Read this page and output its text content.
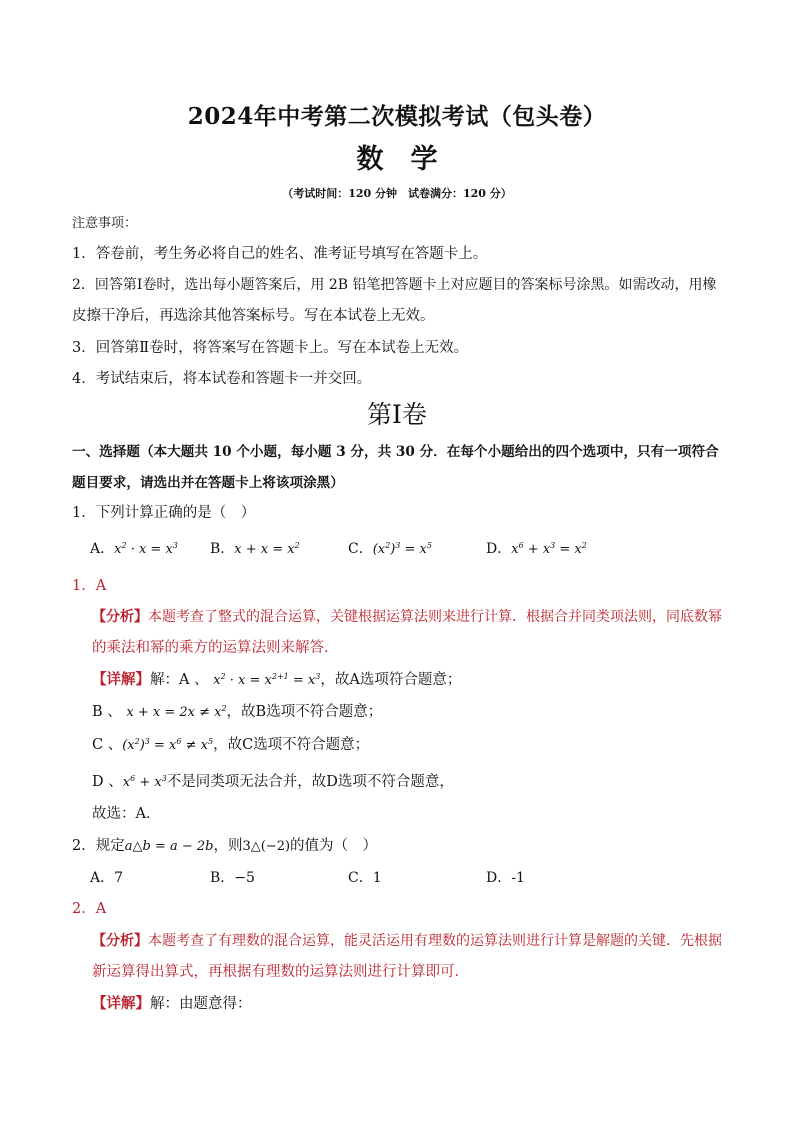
2024年中考第二次模拟考试（包头卷）
数　学
（考试时间：120 分钟　试卷满分：120 分）
注意事项：
1．答卷前，考生务必将自己的姓名、准考证号填写在答题卡上。
2．回答第Ⅰ卷时，选出每小题答案后，用 2B 铅笔把答题卡上对应题目的答案标号涂黑。如需改动，用橡
皮擦干净后，再选涂其他答案标号。写在本试卷上无效。
3．回答第Ⅱ卷时，将答案写在答题卡上。写在本试卷上无效。
4．考试结束后，将本试卷和答题卡一并交回。
第Ⅰ卷
一、选择题（本大题共 10 个小题，每小题 3 分，共 30 分．在每个小题给出的四个选项中，只有一项符合
题目要求，请选出并在答题卡上将该项涂黑）
1．下列计算正确的是（　）
A．$x^2 \cdot x = x^3$ B．$x + x = x^2$	C．$(x^2)^3 = x^5$	D．$x^6 + x^3 = x^2$
1．A
【分析】本题考查了整式的混合运算，关键根据运算法则来进行计算．根据合并同类项法则，同底数幂
的乘法和幂的乘方的运算法则来解答．
【详解】解：A 、 $x^2 \cdot x = x^{2+1} = x^3$，故A选项符合题意；
B 、 $x + x = 2x \ne x^2$，故B选项不符合题意；
C 、$(x^2)^3 = x^6 \ne x^5$，故C选项不符合题意；
D 、$x^6 + x^3$不是同类项无法合并，故D选项不符合题意，
故选：A．
2．规定a△b = a − 2b，则3△(−2)的值为（　）
A．7	B．−5	C．1	D．-1
2．A
【分析】本题考查了有理数的混合运算，能灵活运用有理数的运算法则进行计算是解题的关键．先根据
新运算得出算式，再根据有理数的运算法则进行计算即可．
【详解】解：由题意得：
